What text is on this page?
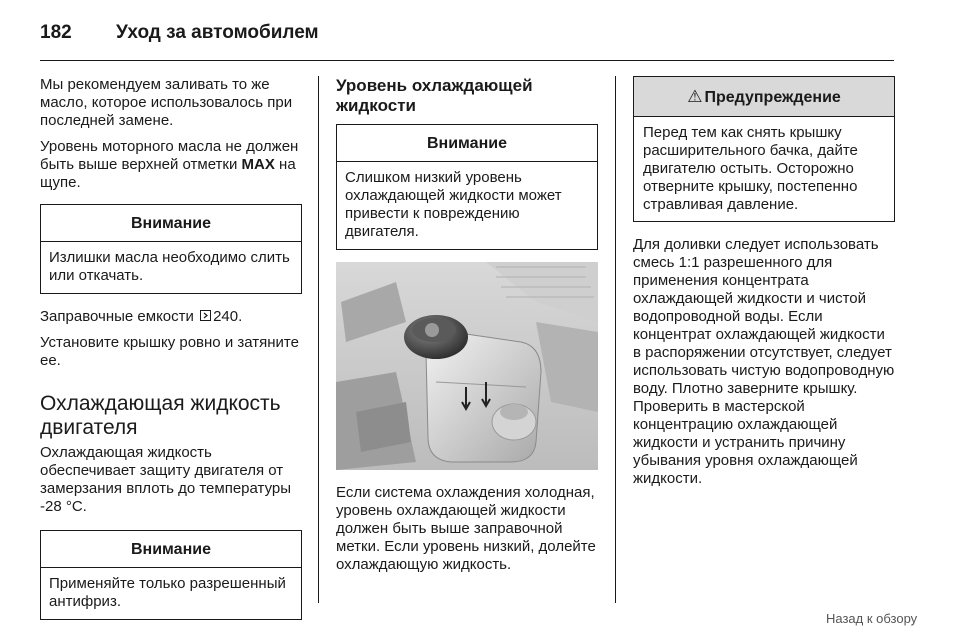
182 Уход за автомобилем

Мы рекомендуем заливать то же масло, которое использовалось при последней замене.

Уровень моторного масла не должен быть выше верхней отметки MAX на щупе.

Внимание
Излишки масла необходимо слить или откачать.

Заправочные емкости
240.

Установите крышку ровно и затяните ее.

Охлаждающая жидкость двигателя

Охлаждающая жидкость обеспечивает защиту двигателя от замерзания вплоть до температуры -28 °C.

Внимание
Применяйте только разрешенный антифриз.
Уровень охлаждающей жидкости
Внимание
Слишком низкий уровень охлаждающей жидкости может привести к повреждению двигателя.

Если система охлаждения холодная, уровень охлаждающей жидкости должен быть выше заправочной метки. Если уровень низкий, долейте охлаждающую жидкость.

⚠ Предупреждение
Перед тем как снять крышку расширительного бачка, дайте двигателю остыть. Осторожно отверните крышку, постепенно стравливая давление.

Для доливки следует использовать смесь 1:1 разрешенного для применения концентрата охлаждающей жидкости и чистой водопроводной воды. Если концентрат охлаждающей жидкости в распоряжении отсутствует, следует использовать чистую водопроводную воду. Плотно заверните крышку. Проверить в мастерской концентрацию охлаждающей жидкости и устранить причину убывания уровня охлаждающей жидкости.

Назад к обзору
